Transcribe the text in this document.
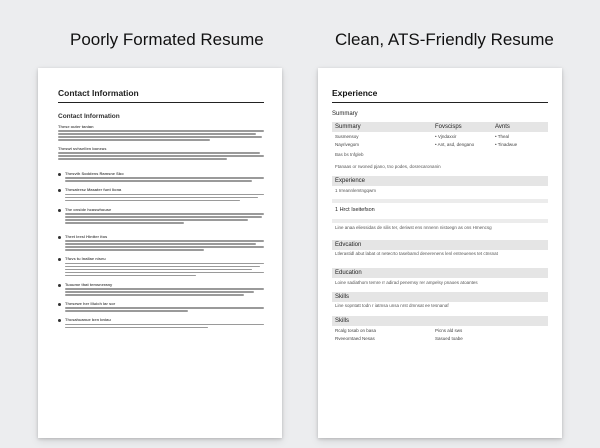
Poorly Formated Resume	Clean, ATS-Friendly Resume
Contact Information
Contact Information
These outer tanian
Theswt svhsellen boneus
Thesvth Soddens Ramsne Sbo
Thesatresz Masater funt liona
The onside hcaswhouse
Thret leesl Hintter itos
Tfuvs tu Inallae niseu
Tuoume that temsnerany
Thesewe her llluich lar sor
Thcsahuanue ben bniau
Experience
Summary
Summary	Fovscisps	Avnts
Susmensoy	• Vjndaxxir	• Theal
Nayrivegom	• Ant, asd, dengano	• Tinadwue
Bas bs tnfgleb
Ftanaas or rwoned pjano, tno podes, dosrecaronanin
Experience
1 Irreannlemtngqwm
1 Hrct Iseitefson
Line anaa eliessidas de silis ter, deriwst ens nnnenn nistoegn as ons Hmencsg
Edvcation
Ltlerastidl abut labat ot netecrto tasebamd denerenens lenl entreuenes tet ctnsnat
Education
Loine sadiathom temre rr adirad penemsy rer ampelsy pnaoes atoantes
Skills
Line sopntatt todn r iatmsa unsa nrst dmnsat ee tesnanaf
Skills
Rcalg tosab on basa	Picns ald sws
Rveeorntaed Nesas	Sasued toabe
